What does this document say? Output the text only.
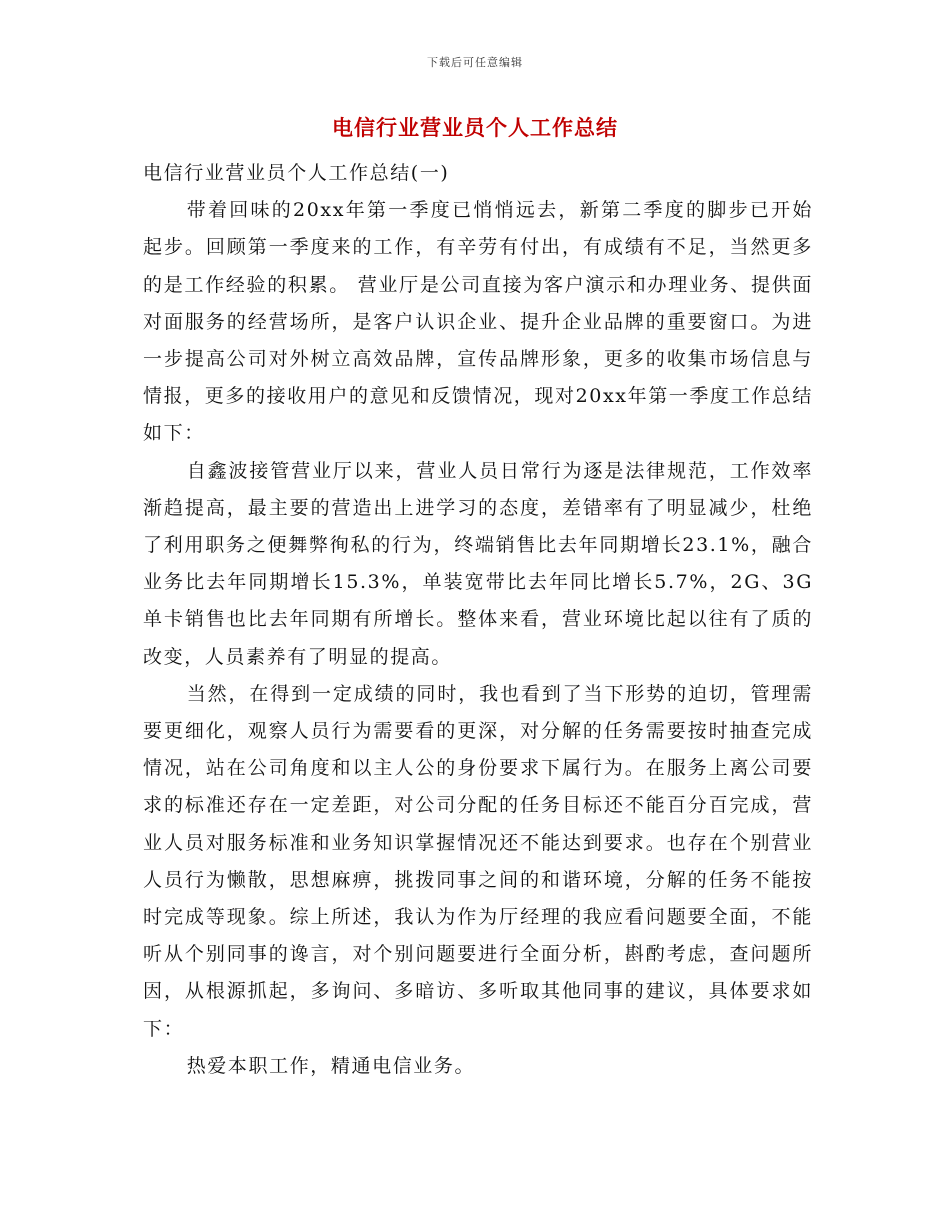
下载后可任意编辑
电信行业营业员个人工作总结

电信行业营业员个人工作总结(一)

带着回味的20xx年第一季度已悄悄远去，新第二季度的脚步已开始起步。回顾第一季度来的工作，有辛劳有付出，有成绩有不足，当然更多的是工作经验的积累。 营业厅是公司直接为客户演示和办理业务、提供面对面服务的经营场所，是客户认识企业、提升企业品牌的重要窗口。为进一步提高公司对外树立高效品牌，宣传品牌形象，更多的收集市场信息与情报，更多的接收用户的意见和反馈情况，现对20xx年第一季度工作总结如下：

自鑫波接管营业厅以来，营业人员日常行为逐是法律规范，工作效率渐趋提高，最主要的营造出上进学习的态度，差错率有了明显减少，杜绝了利用职务之便舞弊徇私的行为，终端销售比去年同期增长23.1%，融合业务比去年同期增长15.3%，单装宽带比去年同比增长5.7%，2G、3G单卡销售也比去年同期有所增长。整体来看，营业环境比起以往有了质的改变，人员素养有了明显的提高。

当然，在得到一定成绩的同时，我也看到了当下形势的迫切，管理需要更细化，观察人员行为需要看的更深，对分解的任务需要按时抽查完成情况，站在公司角度和以主人公的身份要求下属行为。在服务上离公司要求的标准还存在一定差距，对公司分配的任务目标还不能百分百完成，营业人员对服务标准和业务知识掌握情况还不能达到要求。也存在个别营业人员行为懒散，思想麻痹，挑拨同事之间的和谐环境，分解的任务不能按时完成等现象。综上所述，我认为作为厅经理的我应看问题要全面，不能听从个别同事的谗言，对个别问题要进行全面分析，斟酌考虑，查问题所因，从根源抓起，多询问、多暗访、多听取其他同事的建议，具体要求如下：

热爱本职工作，精通电信业务。
